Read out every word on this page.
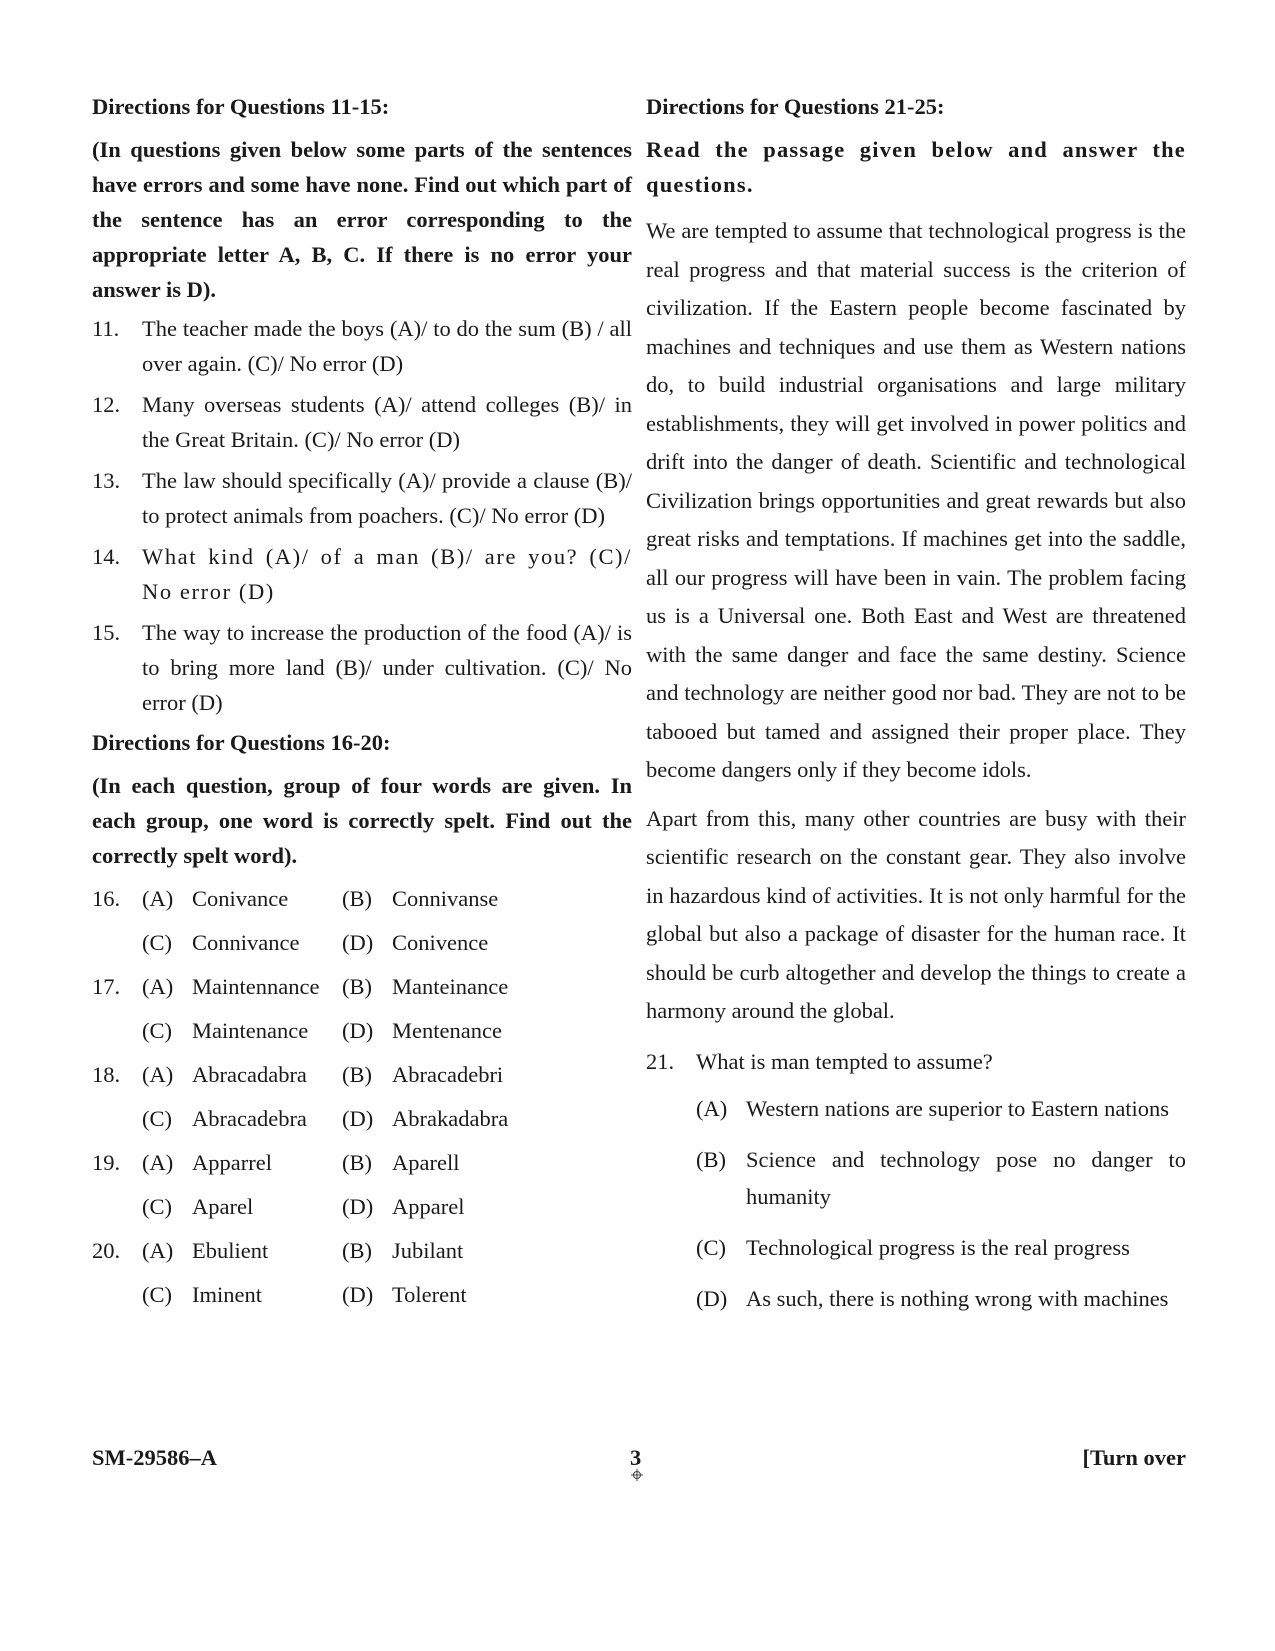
Directions for Questions 11-15:
(In questions given below some parts of the sentences have errors and some have none. Find out which part of the sentence has an error corresponding to the appropriate letter A, B, C. If there is no error your answer is D).
11.	The teacher made the boys (A)/ to do the sum (B) / all over again. (C)/ No error (D)
12. Many overseas students (A)/ attend colleges (B)/ in the Great Britain. (C)/ No error (D)
13. The law should specifically (A)/ provide a clause (B)/ to protect animals from poachers. (C)/ No error (D)
14. What kind (A)/ of a man (B)/ are you? (C)/ No error (D)
15. The way to increase the production of the food (A)/ is to bring more land (B)/ under cultivation. (C)/ No error (D)
Directions for Questions 16-20:
(In each question, group of four words are given. In each group, one word is correctly spelt. Find out the correctly spelt word).
16. (A) Conivance	(B) Connivanse
(C) Connivance	(D) Conivence
17. (A) Maintennance	(B) Manteinance
(C) Maintenance	(D) Mentenance
18. (A) Abracadabra	(B) Abracadebri
(C) Abracadebra	(D) Abrakadabra
19. (A) Apparrel	(B) Aparell
(C) Aparel	(D) Apparel
20. (A) Ebulient	(B) Jubilant
(C) Iminent	(D) Tolerent
Directions for Questions 21-25:
Read the passage given below and answer the questions.

We are tempted to assume that technological progress is the real progress and that material success is the criterion of civilization. If the Eastern people become fascinated by machines and techniques and use them as Western nations do, to build industrial organisations and large military establishments, they will get involved in power politics and drift into the danger of death. Scientific and technological Civilization brings opportunities and great rewards but also great risks and temptations. If machines get into the saddle, all our progress will have been in vain. The problem facing us is a Universal one. Both East and West are threatened with the same danger and face the same destiny. Science and technology are neither good nor bad. They are not to be tabooed but tamed and assigned their proper place. They become dangers only if they become idols.

Apart from this, many other countries are busy with their scientific research on the constant gear. They also involve in hazardous kind of activities. It is not only harmful for the global but also a package of disaster for the human race. It should be curb altogether and develop the things to create a harmony around the global.

21. What is man tempted to assume?
(A) Western nations are superior to Eastern nations
(B) Science and technology pose no danger to humanity
(C) Technological progress is the real progress
(D) As such, there is nothing wrong with machines
SM-29586–A	3	[Turn over
